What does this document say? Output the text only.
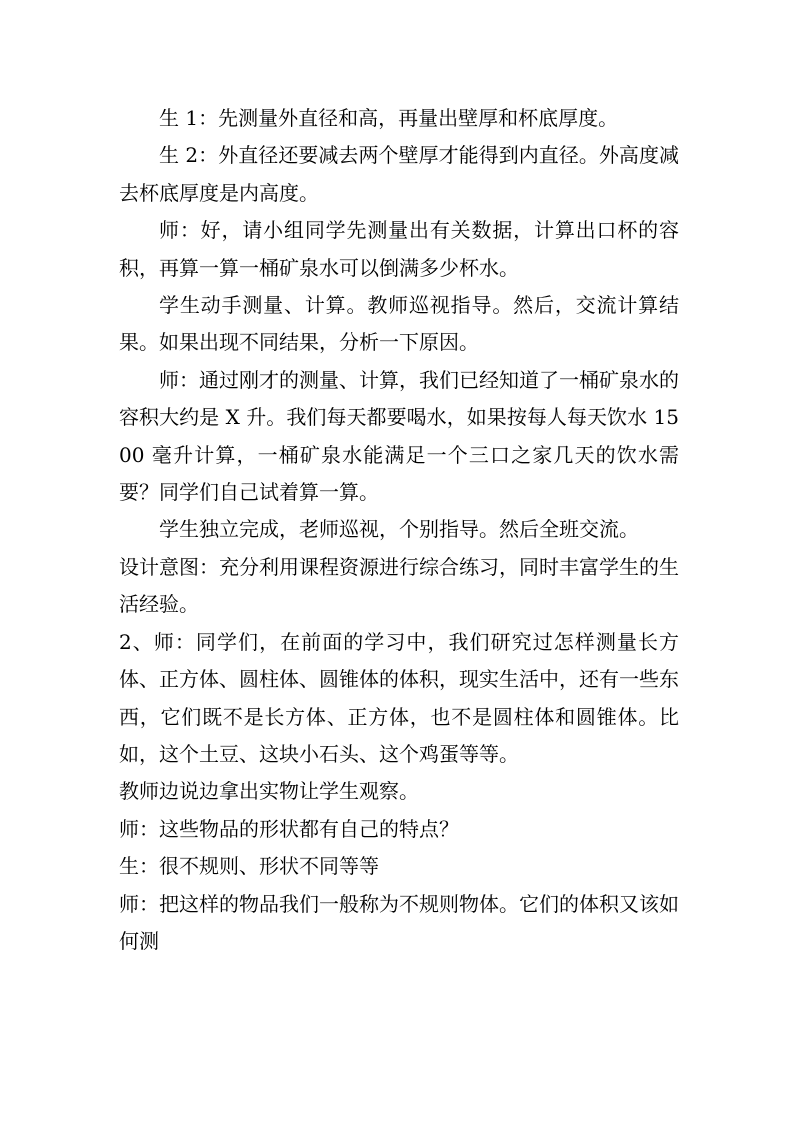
生 1：先测量外直径和高，再量出壁厚和杯底厚度。

生 2：外直径还要减去两个壁厚才能得到内直径。外高度减去杯底厚度是内高度。

师：好，请小组同学先测量出有关数据，计算出口杯的容积，再算一算一桶矿泉水可以倒满多少杯水。

学生动手测量、计算。教师巡视指导。然后，交流计算结果。如果出现不同结果，分析一下原因。

师：通过刚才的测量、计算，我们已经知道了一桶矿泉水的容积大约是 X 升。我们每天都要喝水，如果按每人每天饮水 1500 毫升计算，一桶矿泉水能满足一个三口之家几天的饮水需要？同学们自己试着算一算。

学生独立完成，老师巡视，个别指导。然后全班交流。

设计意图：充分利用课程资源进行综合练习，同时丰富学生的生活经验。

2、师：同学们，在前面的学习中，我们研究过怎样测量长方体、正方体、圆柱体、圆锥体的体积，现实生活中，还有一些东西，它们既不是长方体、正方体，也不是圆柱体和圆锥体。比如，这个土豆、这块小石头、这个鸡蛋等等。

教师边说边拿出实物让学生观察。

师：这些物品的形状都有自己的特点？

生：很不规则、形状不同等等

师：把这样的物品我们一般称为不规则物体。它们的体积又该如何测
